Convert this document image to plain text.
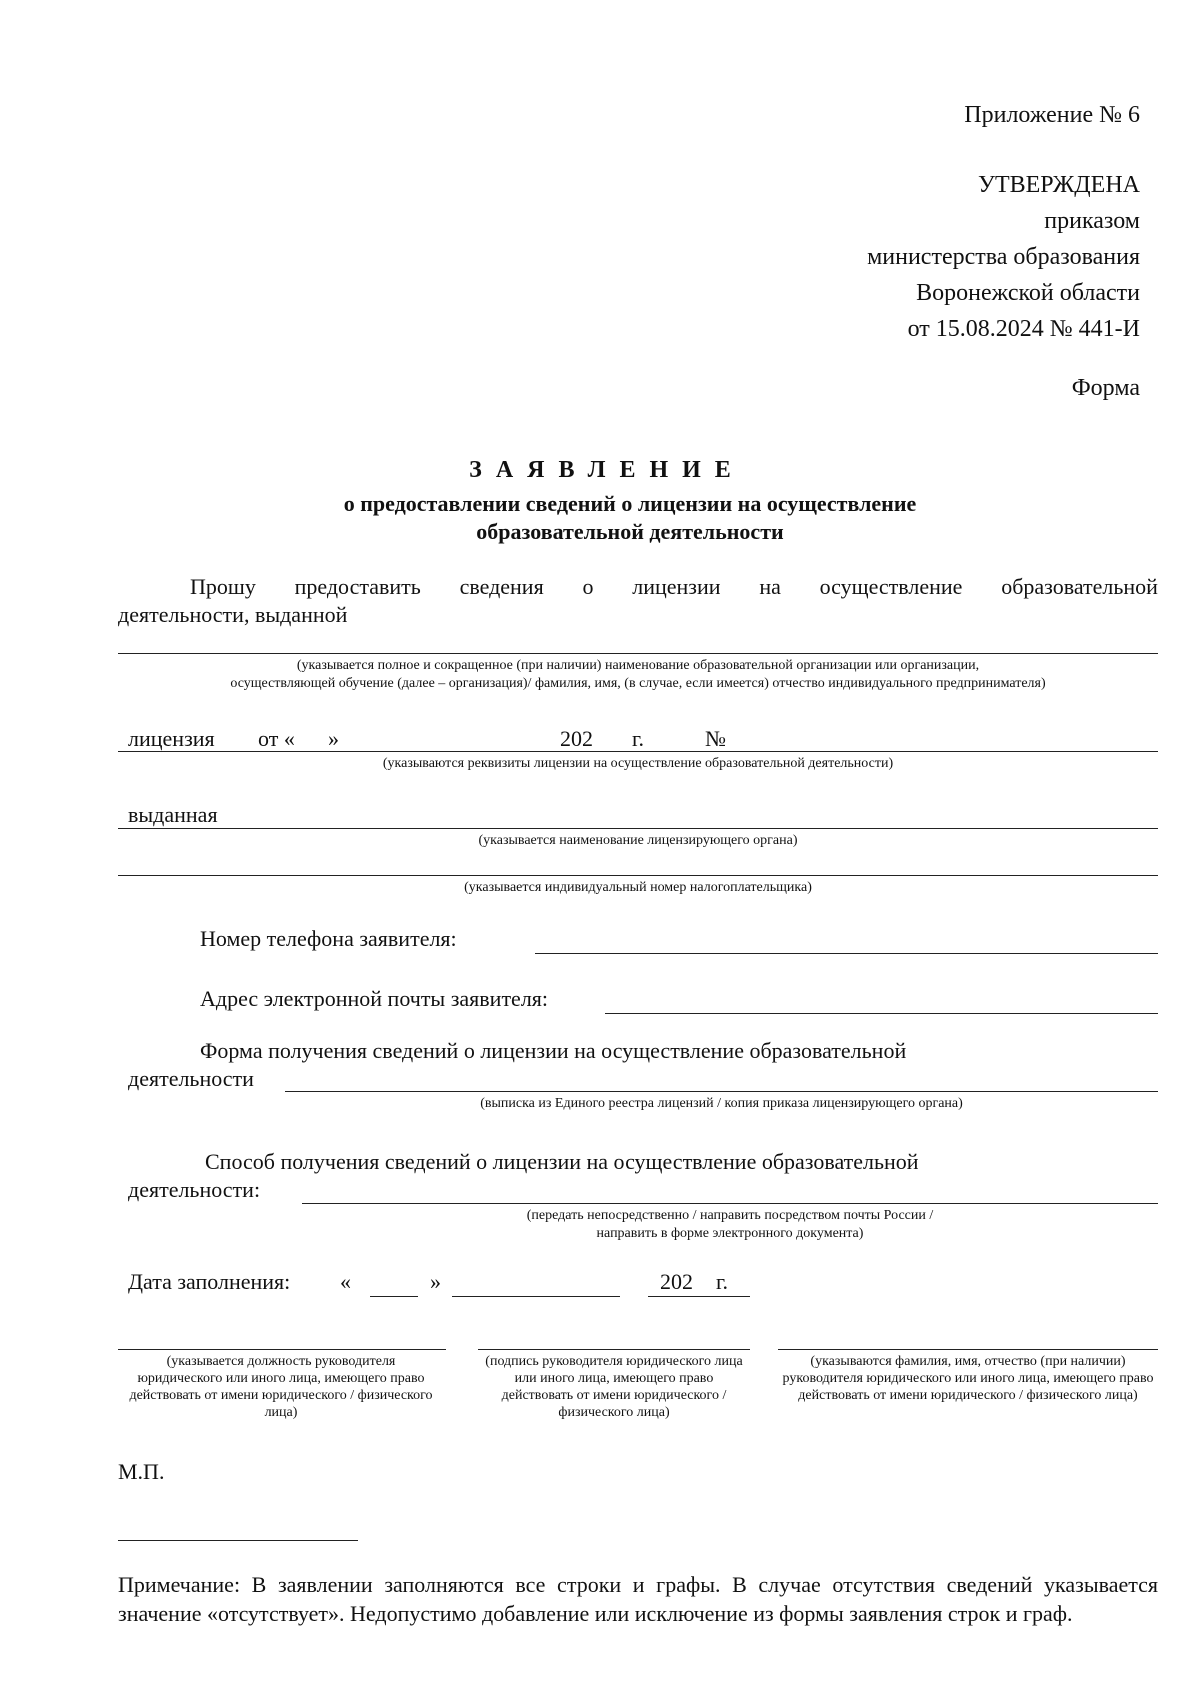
Приложение № 6
УТВЕРЖДЕНА
приказом
министерства образования
Воронежской области
от 15.08.2024 № 441-И
Форма
ЗАЯВЛЕНИЕ
о предоставлении сведений о лицензии на осуществление
образовательной деятельности
Прошу предоставить сведения о лицензии на осуществление образовательной
деятельности, выданной
(указывается полное и сокращенное (при наличии) наименование образовательной организации или организации,
осуществляющей обучение (далее – организация)/ фамилия, имя, (в случае, если имеется) отчество индивидуального предпринимателя)
лицензия от « »	202 г.	№
(указываются реквизиты лицензии на осуществление образовательной деятельности)
выданная
(указывается наименование лицензирующего органа)
(указывается индивидуальный номер налогоплательщика)
Номер телефона заявителя:
Адрес электронной почты заявителя:
Форма получения сведений о лицензии на осуществление образовательной
деятельности
(выписка из Единого реестра лицензий / копия приказа лицензирующего органа)
Способ получения сведений о лицензии на осуществление образовательной
деятельности:
(передать непосредственно / направить посредством почты России /
направить в форме электронного документа)
Дата заполнения: «	»	202 г.
(указывается должность руководителя юридического или иного лица, имеющего право действовать от имени юридического / физического лица)
(подпись руководителя юридического лица или иного лица, имеющего право действовать от имени юридического / физического лица)
(указываются фамилия, имя, отчество (при наличии) руководителя юридического или иного лица, имеющего право действовать от имени юридического / физического лица)
М.П.
Примечание: В заявлении заполняются все строки и графы. В случае отсутствия сведений указывается значение «отсутствует». Недопустимо добавление или исключение из формы заявления строк и граф.
